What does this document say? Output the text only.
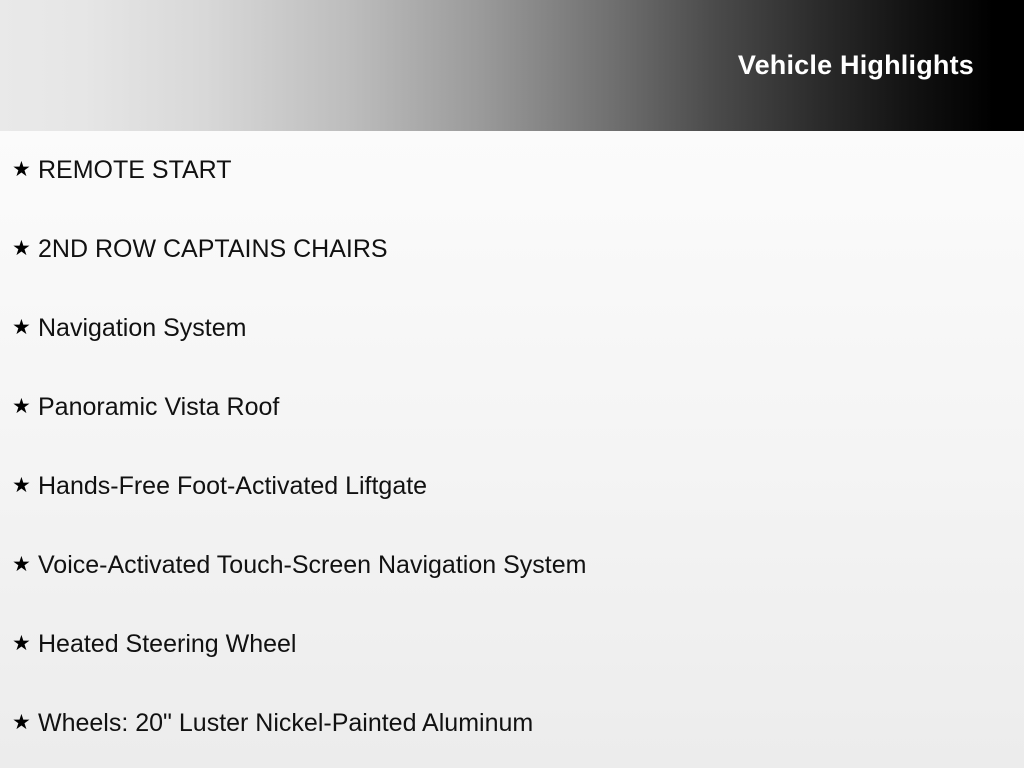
Vehicle Highlights
★ REMOTE START
★ 2ND ROW CAPTAINS CHAIRS
★ Navigation System
★ Panoramic Vista Roof
★ Hands-Free Foot-Activated Liftgate
★ Voice-Activated Touch-Screen Navigation System
★ Heated Steering Wheel
★ Wheels: 20" Luster Nickel-Painted Aluminum
